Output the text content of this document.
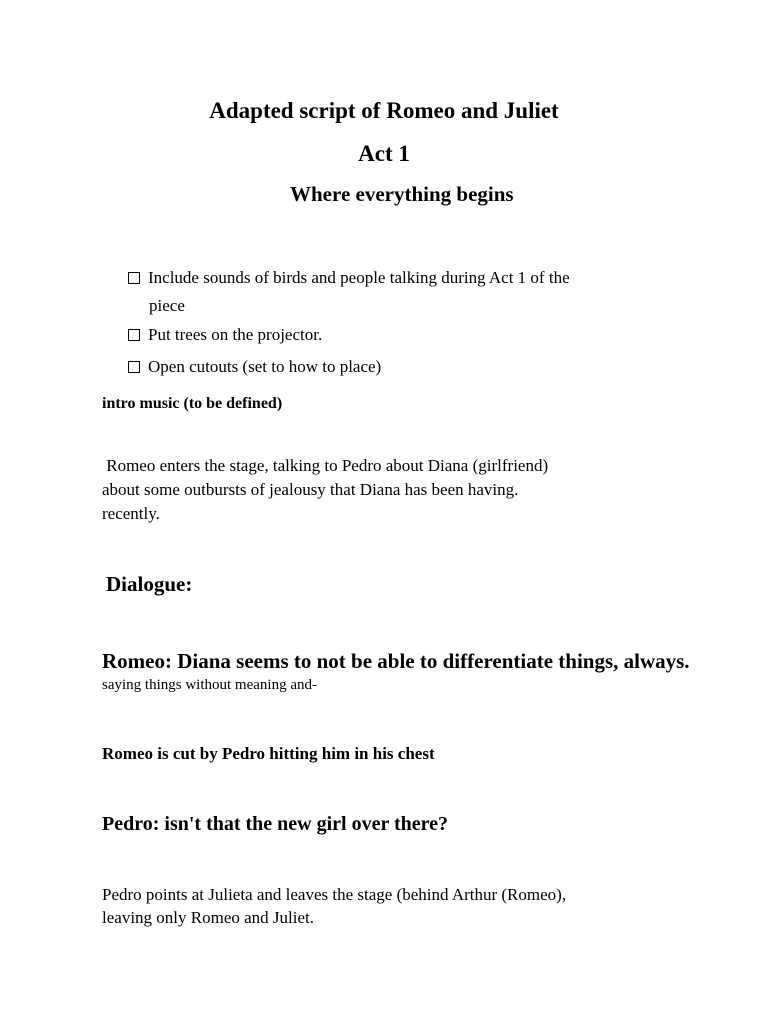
Adapted script of Romeo and Juliet
Act 1
Where everything begins
Include sounds of birds and people talking during Act 1 of the
piece
Put trees on the projector.
Open cutouts (set to how to place)
intro music (to be defined)
Romeo enters the stage, talking to Pedro about Diana (girlfriend)
about some outbursts of jealousy that Diana has been having.
recently.
Dialogue:
Romeo: Diana seems to not be able to differentiate things, always.
saying things without meaning and-
Romeo is cut by Pedro hitting him in his chest
Pedro: isn't that the new girl over there?
Pedro points at Julieta and leaves the stage (behind Arthur (Romeo),
leaving only Romeo and Juliet.
